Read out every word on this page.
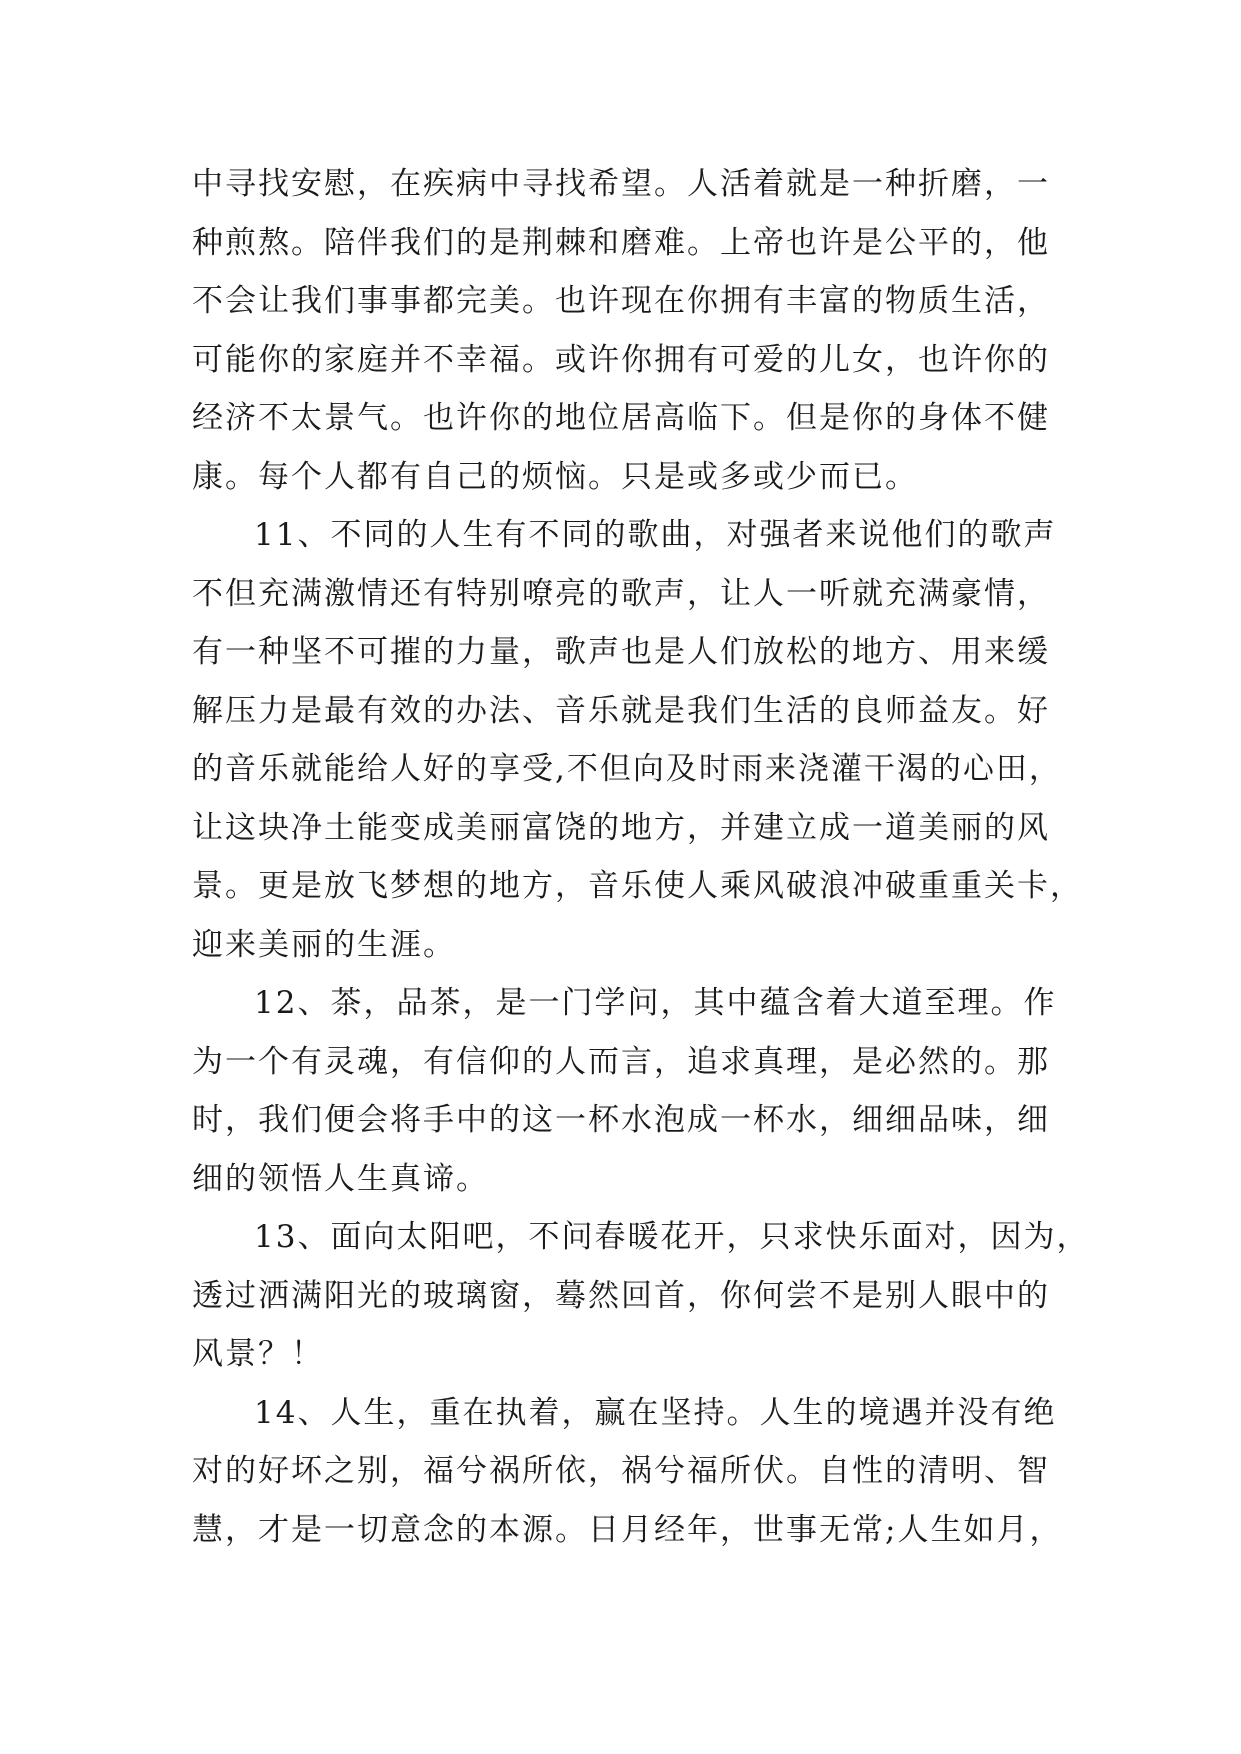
中寻找安慰，在疾病中寻找希望。人活着就是一种折磨，一
种煎熬。陪伴我们的是荆棘和磨难。上帝也许是公平的，他
不会让我们事事都完美。也许现在你拥有丰富的物质生活，
可能你的家庭并不幸福。或许你拥有可爱的儿女，也许你的
经济不太景气。也许你的地位居高临下。但是你的身体不健
康。每个人都有自己的烦恼。只是或多或少而已。
11、不同的人生有不同的歌曲，对强者来说他们的歌声
不但充满激情还有特别嘹亮的歌声，让人一听就充满豪情，
有一种坚不可摧的力量，歌声也是人们放松的地方、用来缓
解压力是最有效的办法、音乐就是我们生活的良师益友。好
的音乐就能给人好的享受,不但向及时雨来浇灌干渴的心田，
让这块净土能变成美丽富饶的地方，并建立成一道美丽的风
景。更是放飞梦想的地方，音乐使人乘风破浪冲破重重关卡，
迎来美丽的生涯。
12、茶，品茶，是一门学问，其中蕴含着大道至理。作
为一个有灵魂，有信仰的人而言，追求真理，是必然的。那
时，我们便会将手中的这一杯水泡成一杯水，细细品味，细
细的领悟人生真谛。
13、面向太阳吧，不问春暖花开，只求快乐面对，因为，
透过洒满阳光的玻璃窗，蓦然回首，你何尝不是别人眼中的
风景？！
14、人生，重在执着，赢在坚持。人生的境遇并没有绝
对的好坏之别，福兮祸所依，祸兮福所伏。自性的清明、智
慧，才是一切意念的本源。日月经年，世事无常;人生如月，
